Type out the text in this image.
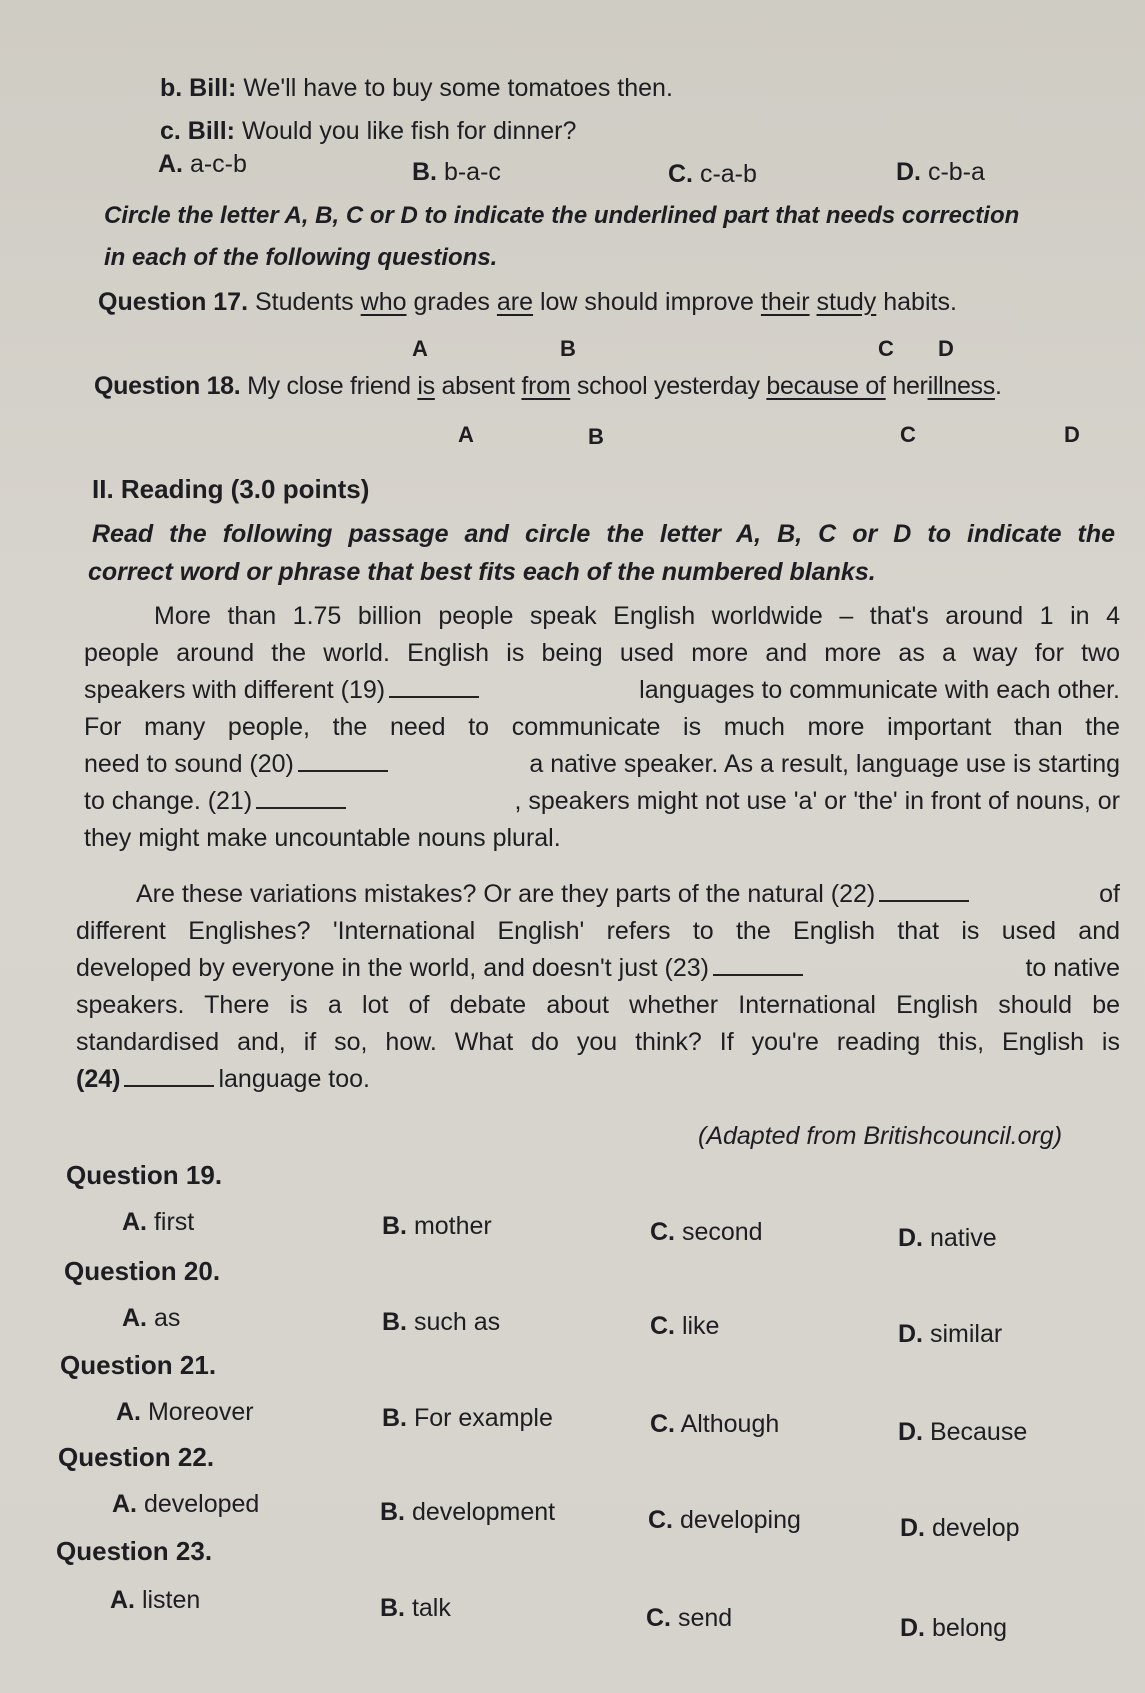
b. Bill: We'll have to buy some tomatoes then.
c. Bill: Would you like fish for dinner?
A. a-c-b	B. b-a-c	C. c-a-b	D. c-b-a
Circle the letter A, B, C or D to indicate the underlined part that needs correction
in each of the following questions.
Question 17. Students who grades are low should improve their study habits.
A	B	C D
Question 18. My close friend is absent from school yesterday because of herillness.
A	B	C	D
II. Reading (3.0 points)
Read the following passage and circle the letter A, B, C or D to indicate the
correct word or phrase that best fits each of the numbered blanks.
More than 1.75 billion people speak English worldwide – that's around 1 in 4
people around the world. English is being used more and more as a way for two
speakers with different (19)	languages to communicate with each other.
For many people, the need to communicate is much more important than the
need to sound (20)	a native speaker. As a result, language use is starting
to change. (21)	, speakers might not use 'a' or 'the' in front of nouns, or
they might make uncountable nouns plural.
Are these variations mistakes? Or are they parts of the natural (22)	of
different Englishes? 'International English' refers to the English that is used and
developed by everyone in the world, and doesn't just (23)	to native
speakers. There is a lot of debate about whether International English should be
standardised and, if so, how. What do you think? If you're reading this, English is
(24)	language too.
(Adapted from Britishcouncil.org)
Question 19.
A. first	B. mother	C. second	D. native
Question 20.
A. as	B. such as	C. like	D. similar
Question 21.
A. Moreover	B. For example	C. Although	D. Because
Question 22.
A. developed	B. development	C. developing	D. develop
Question 23.
A. listen	B. talk	C. send	D. belong
